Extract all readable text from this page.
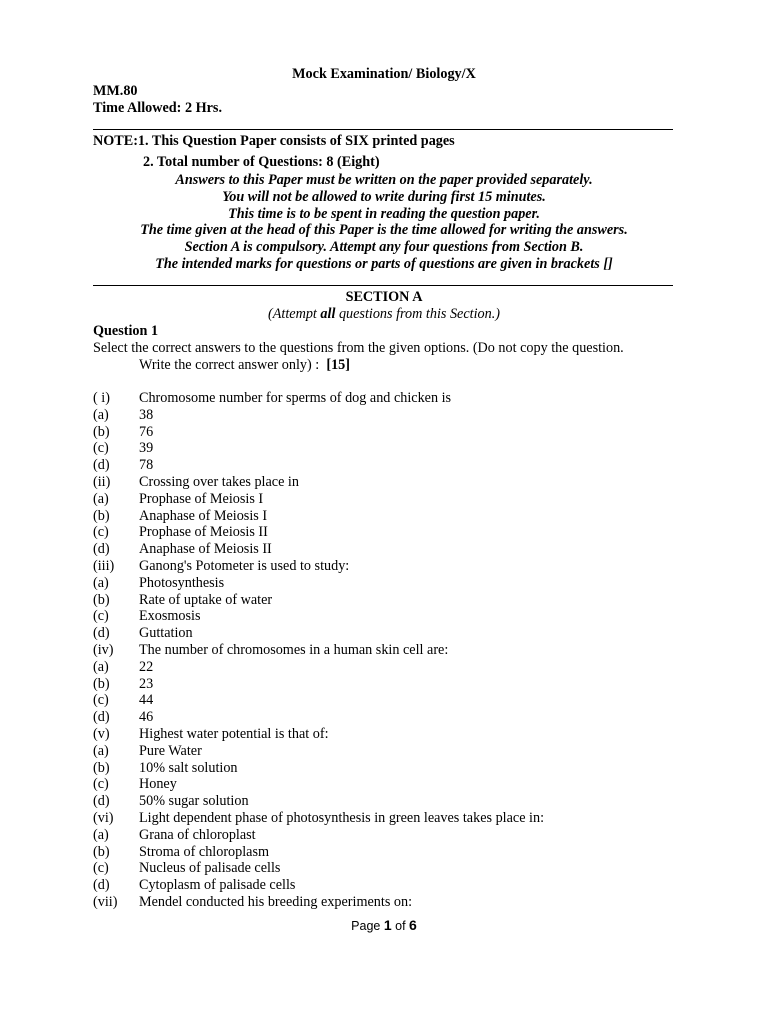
Mock Examination/ Biology/X
MM.80
Time Allowed: 2 Hrs.
NOTE:1. This Question Paper consists of SIX printed pages
2. Total number of Questions: 8 (Eight)
Answers to this Paper must be written on the paper provided separately.
You will not be allowed to write during first 15 minutes.
This time is to be spent in reading the question paper.
The time given at the head of this Paper is the time allowed for writing the answers.
Section A is compulsory. Attempt any four questions from Section B.
The intended marks for questions or parts of questions are given in brackets []
SECTION A
(Attempt all questions from this Section.)
Question 1
Select the correct answers to the questions from the given options. (Do not copy the question.
Write the correct answer only) : [15]
( i) Chromosome number for sperms of dog and chicken is
(a) 38
(b) 76
(c) 39
(d) 78
(ii) Crossing over takes place in
(a) Prophase of Meiosis I
(b) Anaphase of Meiosis I
(c) Prophase of Meiosis II
(d) Anaphase of Meiosis II
(iii) Ganong's Potometer is used to study:
(a) Photosynthesis
(b) Rate of uptake of water
(c) Exosmosis
(d) Guttation
(iv) The number of chromosomes in a human skin cell are:
(a) 22
(b) 23
(c) 44
(d) 46
(v) Highest water potential is that of:
(a) Pure Water
(b) 10% salt solution
(c) Honey
(d) 50% sugar solution
(vi) Light dependent phase of photosynthesis in green leaves takes place in:
(a) Grana of chloroplast
(b) Stroma of chloroplasm
(c) Nucleus of palisade cells
(d) Cytoplasm of palisade cells
(vii) Mendel conducted his breeding experiments on:
Page 1 of 6
